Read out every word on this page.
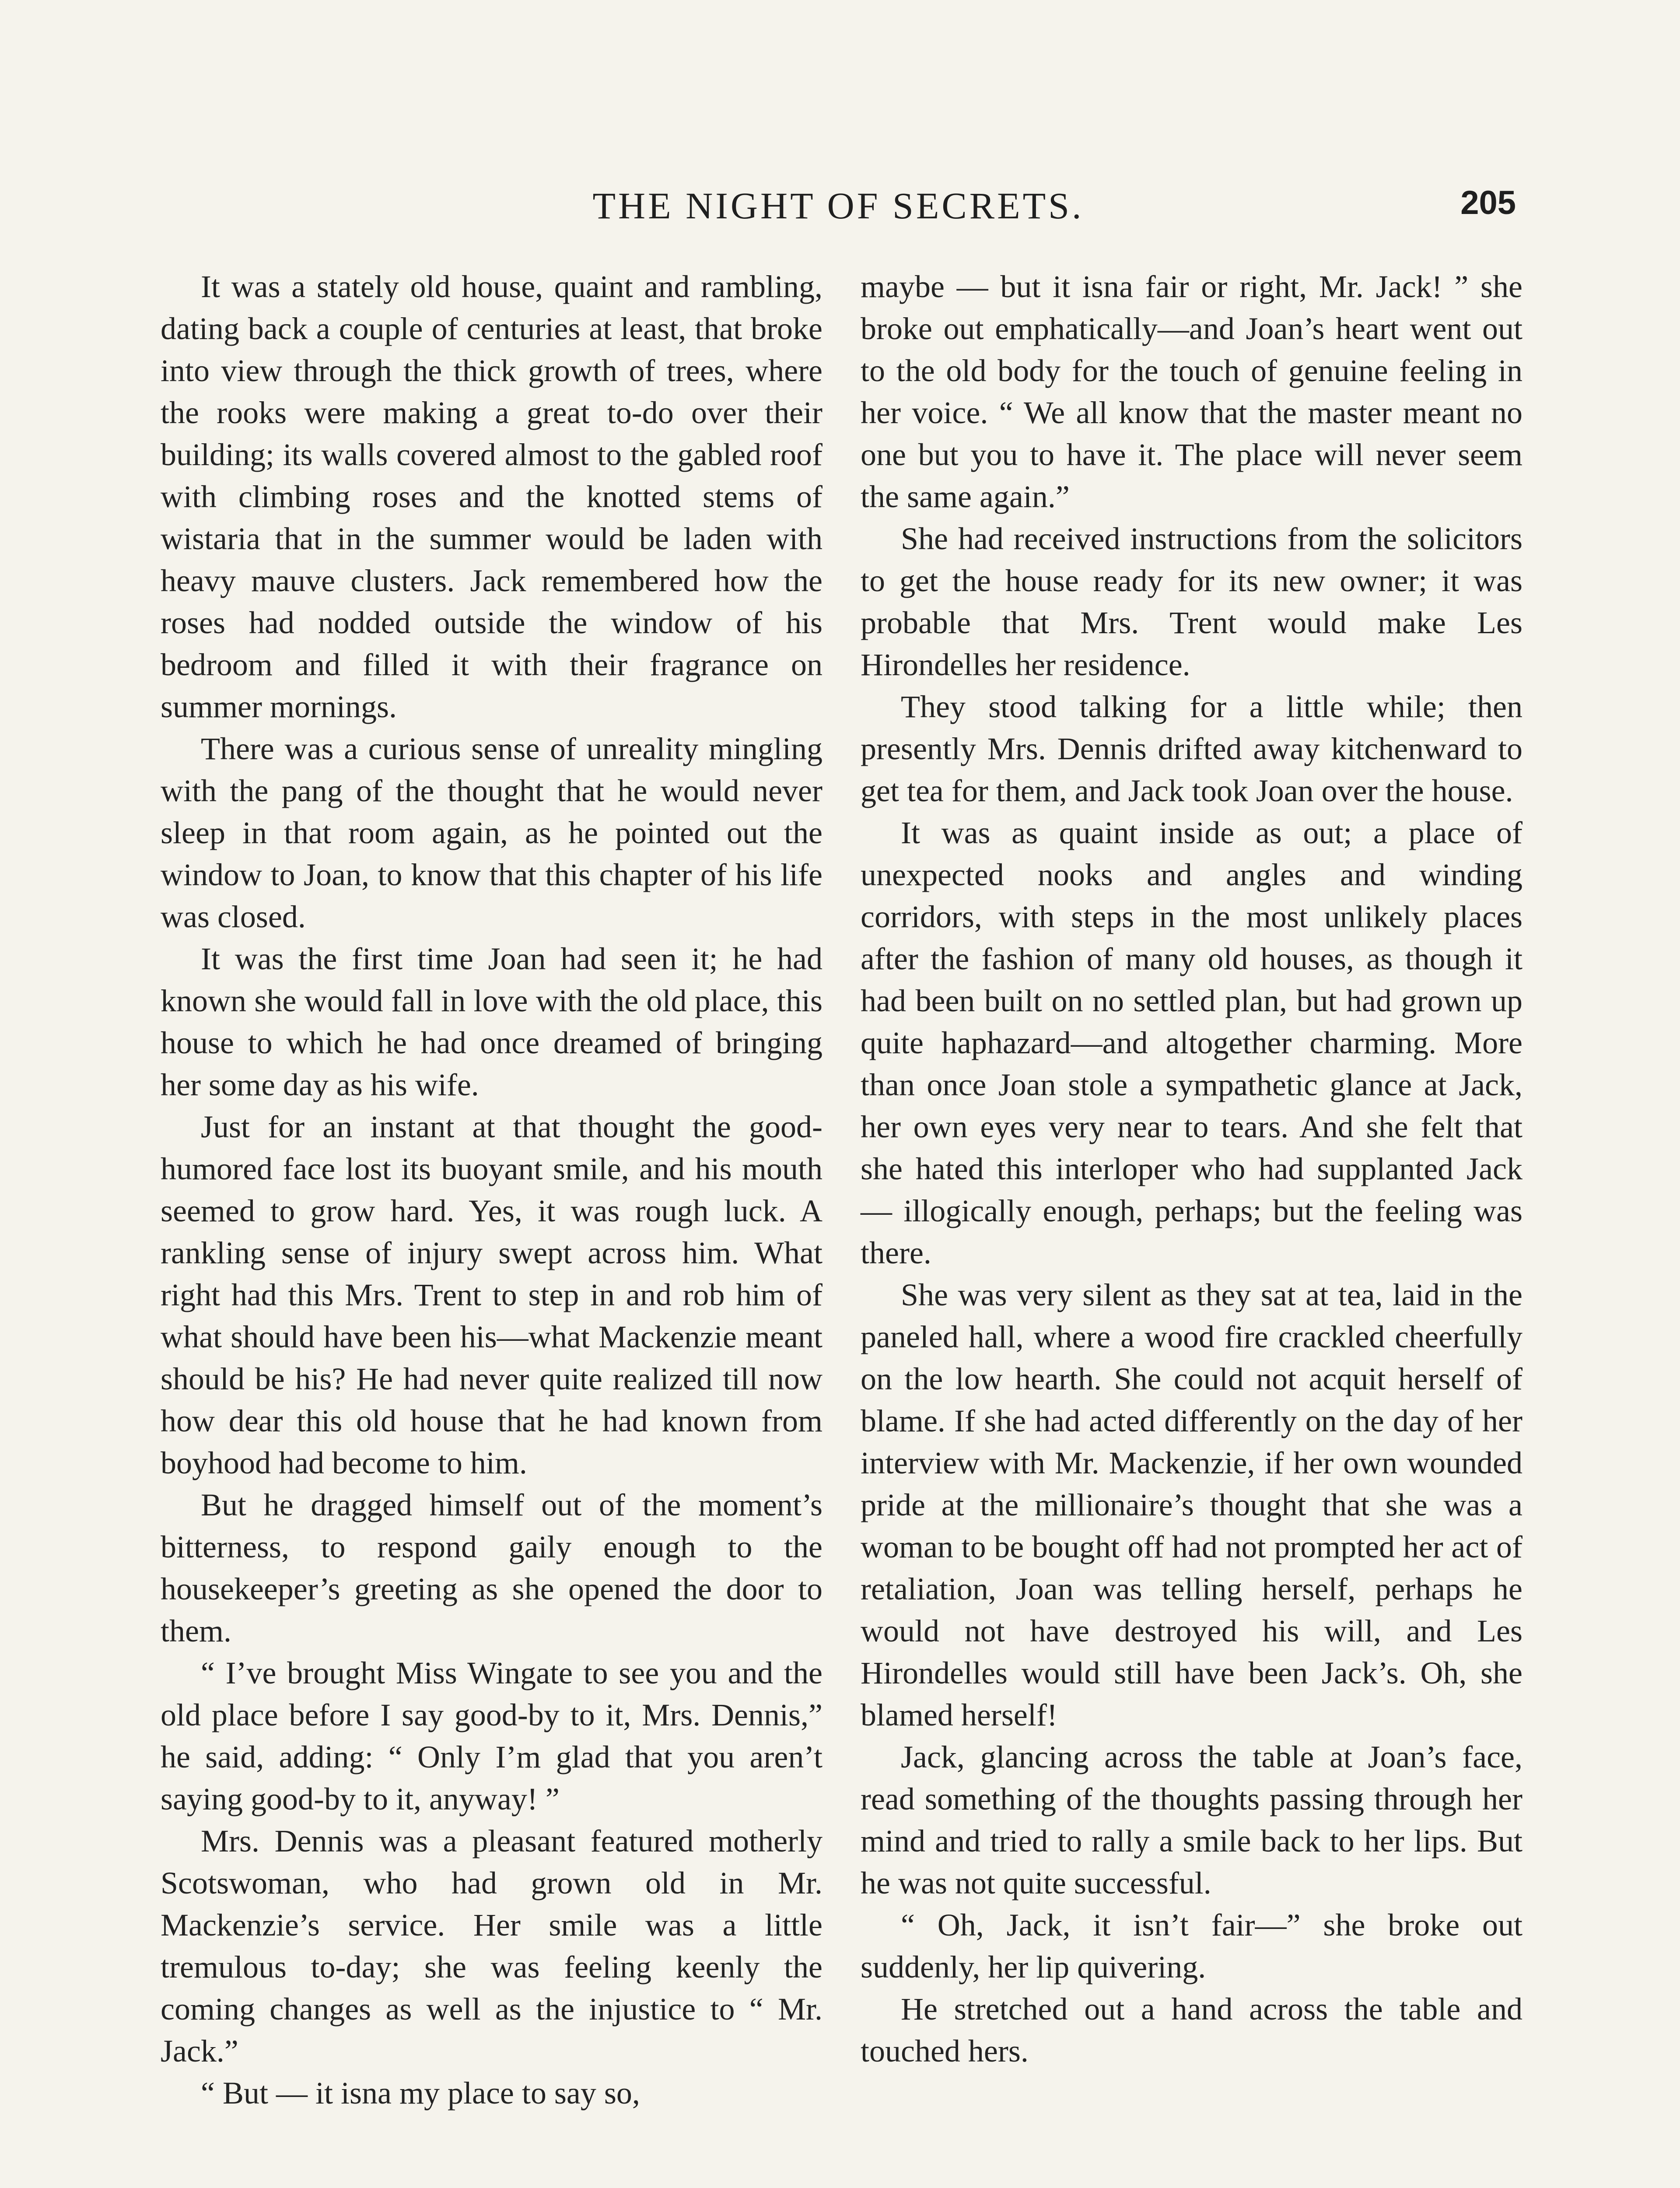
THE NIGHT OF SECRETS.	205

It was a stately old house, quaint and rambling, dating back a couple of centuries at least, that broke into view through the thick growth of trees, where the rooks were making a great to-do over their building; its walls covered almost to the gabled roof with climbing roses and the knotted stems of wistaria that in the summer would be laden with heavy mauve clusters. Jack remembered how the roses had nodded outside the window of his bedroom and filled it with their fragrance on summer mornings.

There was a curious sense of unreality mingling with the pang of the thought that he would never sleep in that room again, as he pointed out the window to Joan, to know that this chapter of his life was closed.

It was the first time Joan had seen it; he had known she would fall in love with the old place, this house to which he had once dreamed of bringing her some day as his wife.

Just for an instant at that thought the good-humored face lost its buoyant smile, and his mouth seemed to grow hard. Yes, it was rough luck. A rankling sense of injury swept across him. What right had this Mrs. Trent to step in and rob him of what should have been his—what Mackenzie meant should be his? He had never quite realized till now how dear this old house that he had known from boyhood had become to him.

But he dragged himself out of the moment’s bitterness, to respond gaily enough to the housekeeper’s greeting as she opened the door to them.

“ I’ve brought Miss Wingate to see you and the old place before I say good-by to it, Mrs. Dennis,” he said, adding: “ Only I’m glad that you aren’t saying good-by to it, anyway! ”

Mrs. Dennis was a pleasant featured motherly Scotswoman, who had grown old in Mr. Mackenzie’s service. Her smile was a little tremulous to-day; she was feeling keenly the coming changes as well as the injustice to “ Mr. Jack.”

“ But — it isna my place to say so,

maybe — but it isna fair or right, Mr. Jack! ” she broke out emphatically—and Joan’s heart went out to the old body for the touch of genuine feeling in her voice. “ We all know that the master meant no one but you to have it. The place will never seem the same again.”

She had received instructions from the solicitors to get the house ready for its new owner; it was probable that Mrs. Trent would make Les Hirondelles her residence.

They stood talking for a little while; then presently Mrs. Dennis drifted away kitchenward to get tea for them, and Jack took Joan over the house.

It was as quaint inside as out; a place of unexpected nooks and angles and winding corridors, with steps in the most unlikely places after the fashion of many old houses, as though it had been built on no settled plan, but had grown up quite haphazard—and altogether charming. More than once Joan stole a sympathetic glance at Jack, her own eyes very near to tears. And she felt that she hated this interloper who had supplanted Jack — illogically enough, perhaps; but the feeling was there.

She was very silent as they sat at tea, laid in the paneled hall, where a wood fire crackled cheerfully on the low hearth. She could not acquit herself of blame. If she had acted differently on the day of her interview with Mr. Mackenzie, if her own wounded pride at the millionaire’s thought that she was a woman to be bought off had not prompted her act of retaliation, Joan was telling herself, perhaps he would not have destroyed his will, and Les Hirondelles would still have been Jack’s. Oh, she blamed herself!

Jack, glancing across the table at Joan’s face, read something of the thoughts passing through her mind and tried to rally a smile back to her lips. But he was not quite successful.

“ Oh, Jack, it isn’t fair—” she broke out suddenly, her lip quivering.

He stretched out a hand across the table and touched hers.
